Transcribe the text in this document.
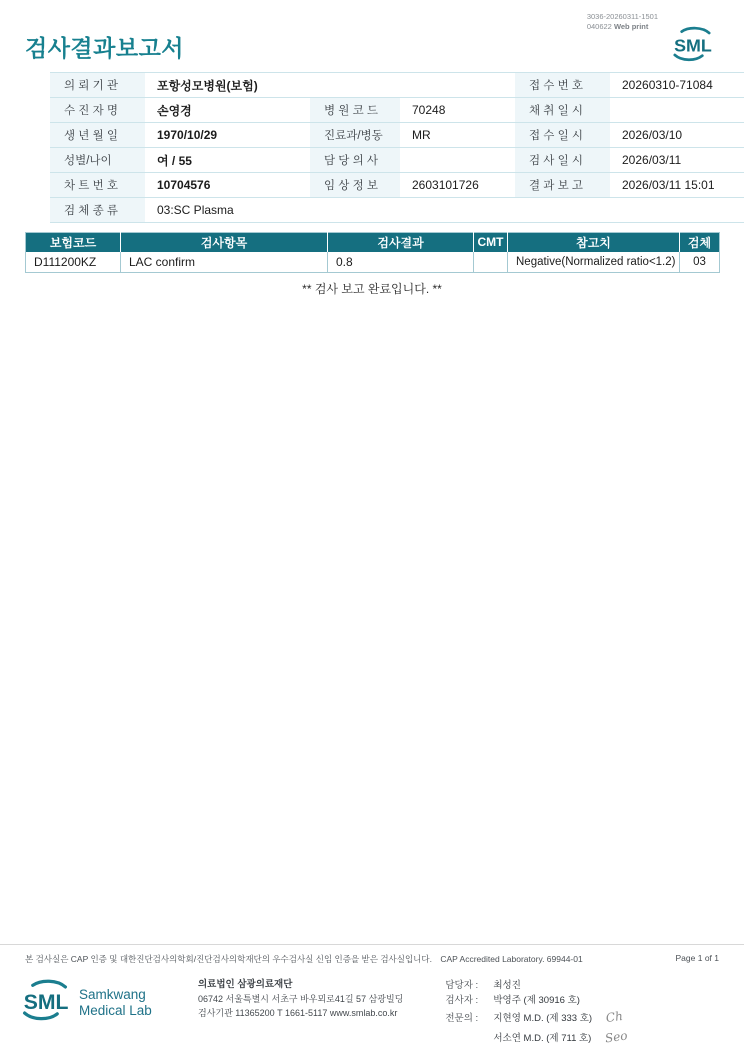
3036-20260311-1501
040622 Web print
검사결과보고서	SML
의 뢰 기 관	포항성모병원(보험)			접 수 번 호	20260310-71084
수 진 자 명	손영경	병 원 코 드	70248	채 취 일 시	
생 년 월 일	1970/10/29	진료과/병동	MR	접 수 일 시	2026/03/10
성별/나이	여 / 55	담 당 의 사		검 사 일 시	2026/03/11
차 트 번 호	10704576	임 상 정 보	2603101726	결 과 보 고	2026/03/11 15:01
검 체 종 류	03:SC Plasma				
보험코드	검사항목	검사결과	CMT	참고치	검체
D111200KZ	LAC confirm	0.8		Negative(Normalized ratio<1.2)	03
** 검사 보고 완료입니다. **
본 검사실은 CAP 인증 및 대한진단검사의학회/진단검사의학재단의 우수검사실 신임 인증을 받은 검사실입니다. CAP Accredited Laboratory. 69944-01	Page 1 of 1
SML Samkwang
Medical Lab
의료법인 삼광의료재단
06742 서울특별시 서초구 바우뫼로41길 57 삼광빌딩
검사기관 11365200 T 1661-5117 www.smlab.co.kr
담당자 :	최성진
검사자 :	박영주 (제 30916 호)
전문의 :	지현영 M.D. (제 333 호) Ch
서소연 M.D. (제 711 호) Seo
